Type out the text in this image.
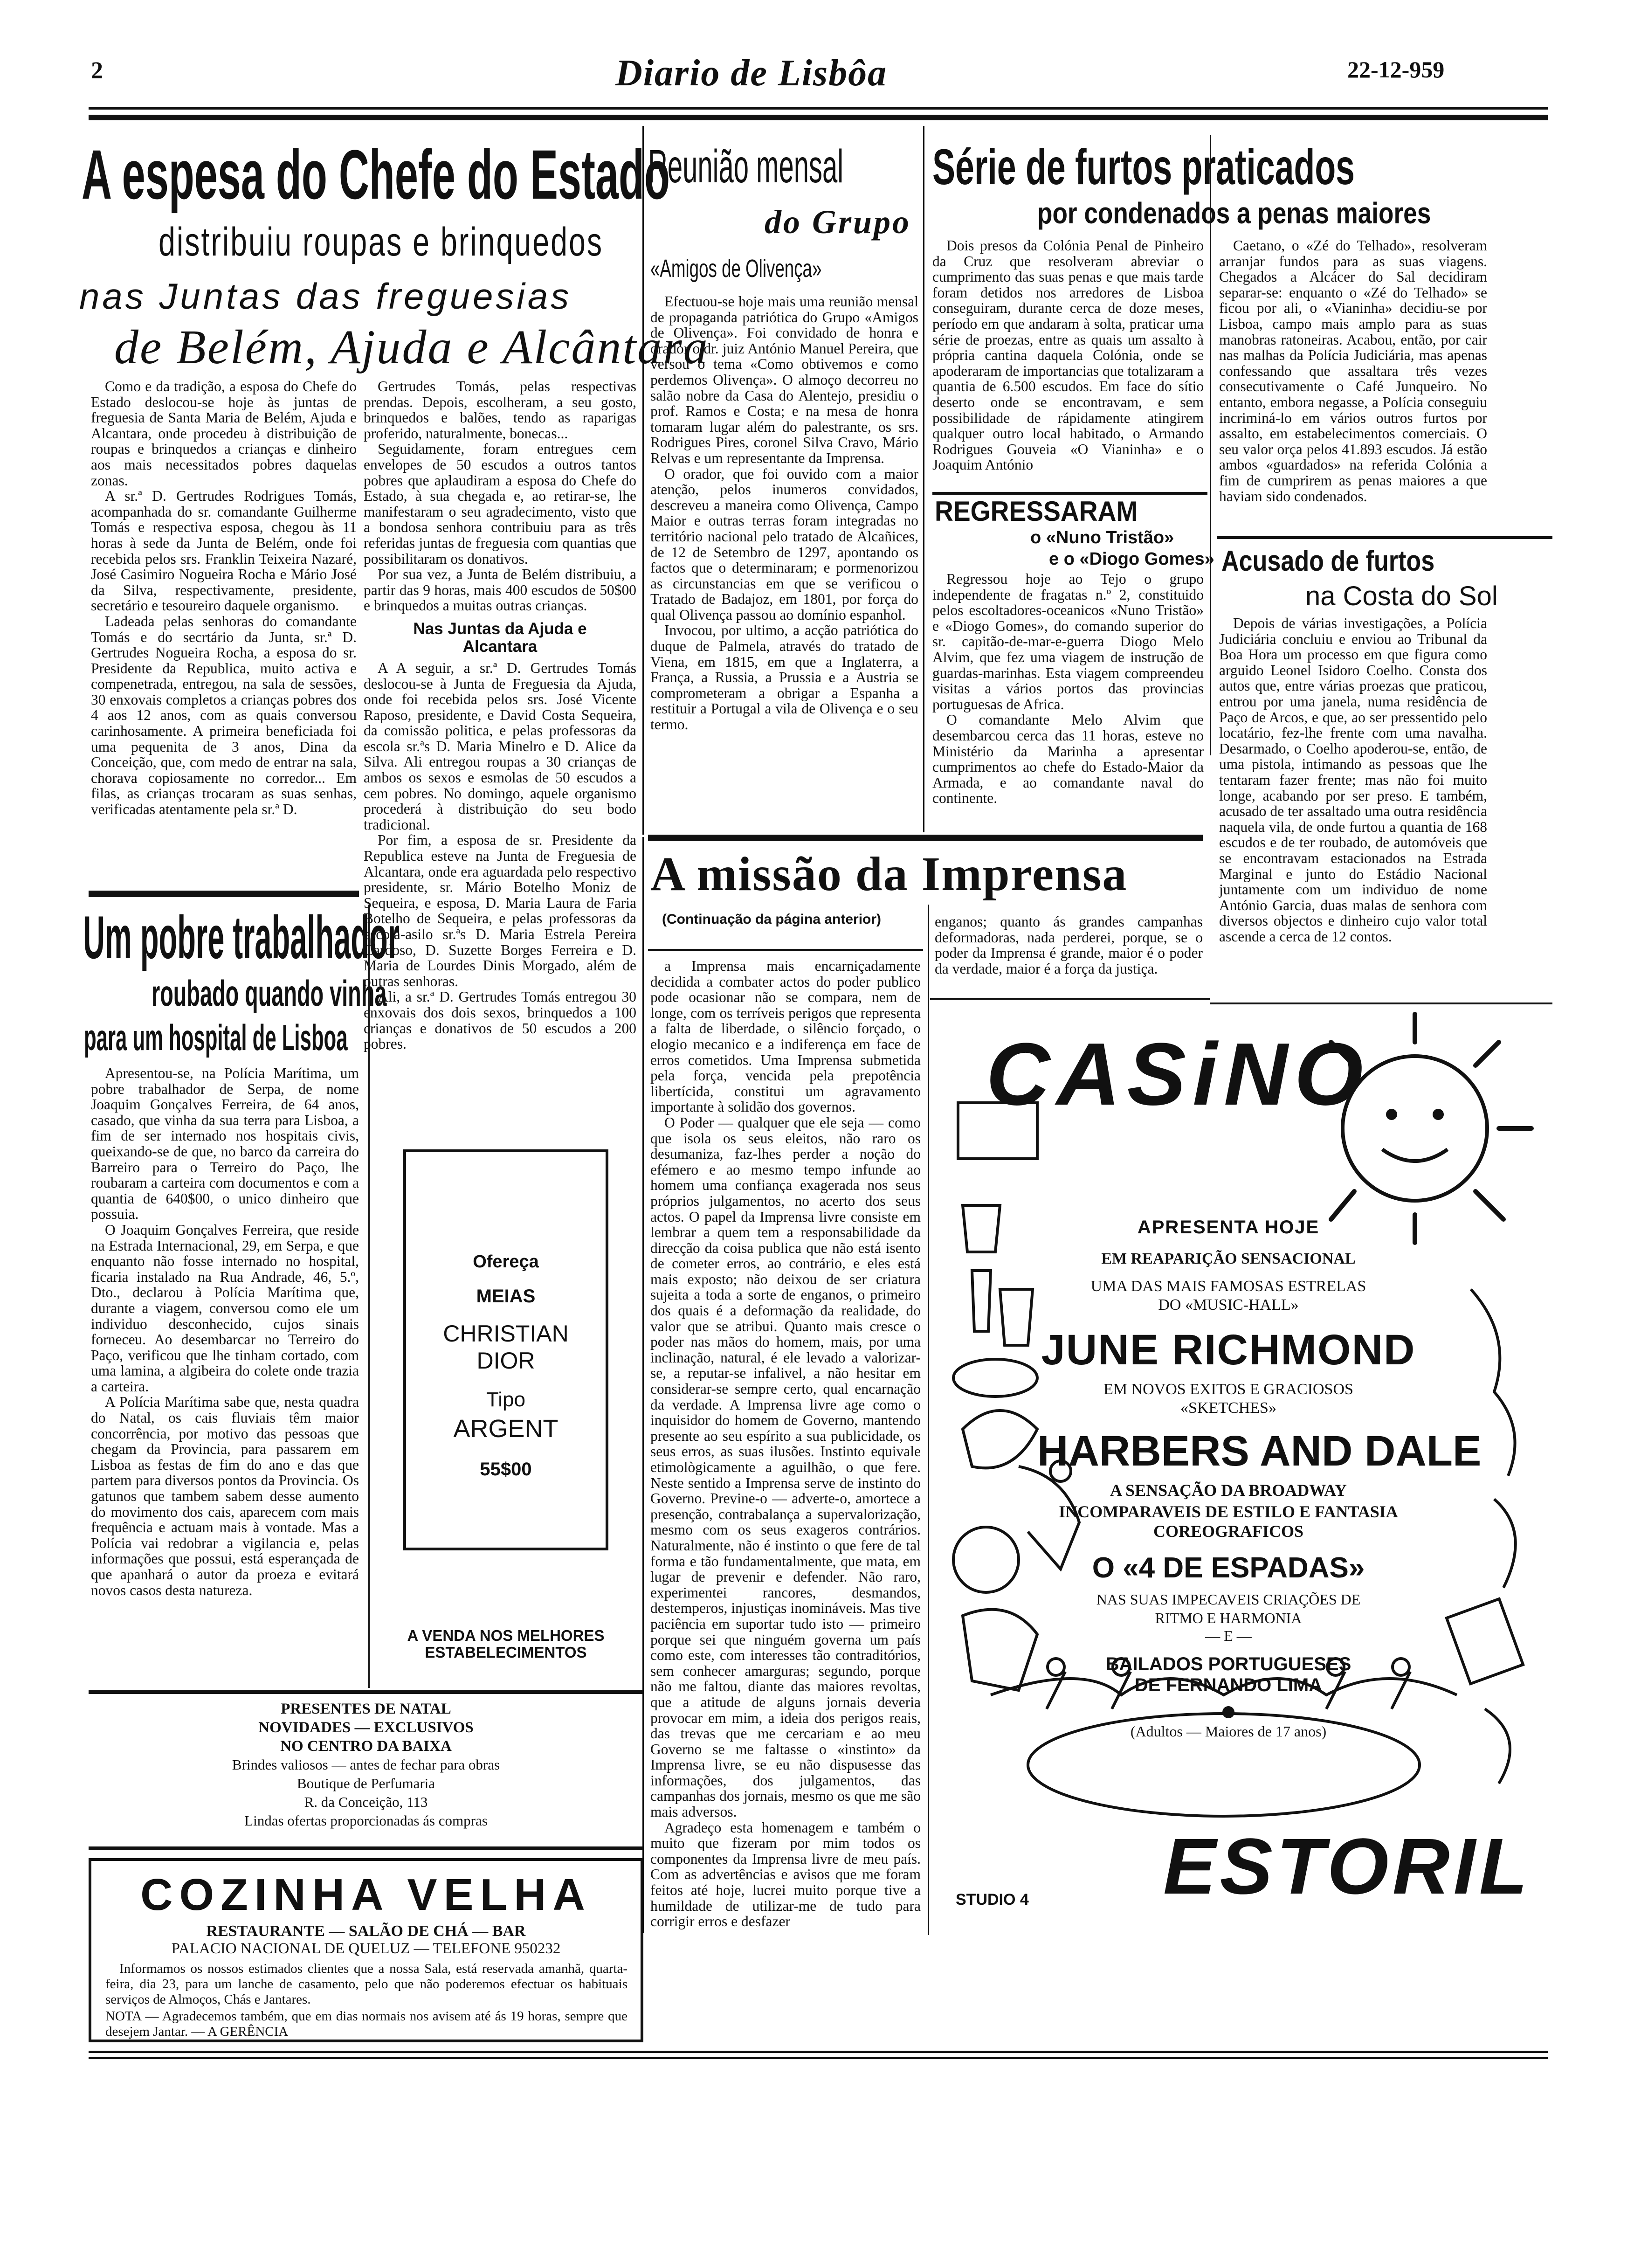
2	Diario de Lisbôa	22-12-959
A espesa do Chefe do Estado
distribuiu roupas e brinquedos
nas Juntas das freguesias
de Belém, Ajuda e Alcântara

Como e da tradição, a esposa do Chefe do Estado deslocou-se hoje às juntas de freguesia de Santa Maria de Belém, Ajuda e Alcantara, onde procedeu à distribuição de roupas e brinquedos a crianças e dinheiro aos mais necessitados pobres daquelas zonas.

A sr.ª D. Gertrudes Rodrigues Tomás, acompanhada do sr. comandante Guilherme Tomás e respectiva esposa, chegou às 11 horas à sede da Junta de Belém, onde foi recebida pelos srs. Franklin Teixeira Nazaré, José Casimiro Nogueira Rocha e Mário José da Silva, respectivamente, presidente, secretário e tesoureiro daquele organismo.

Ladeada pelas senhoras do comandante Tomás e do secrtário da Junta, sr.ª D. Gertrudes Nogueira Rocha, a esposa do sr. Presidente da Republica, muito activa e compenetrada, entregou, na sala de sessões, 30 enxovais completos a crianças pobres dos 4 aos 12 anos, com as quais conversou carinhosamente. A primeira beneficiada foi uma pequenita de 3 anos, Dina da Conceição, que, com medo de entrar na sala, chorava copiosamente no corredor... Em filas, as crianças trocaram as suas senhas, verificadas atentamente pela sr.ª D.

Gertrudes Tomás, pelas respectivas prendas. Depois, escolheram, a seu gosto, brinquedos e balões, tendo as raparigas proferido, naturalmente, bonecas...

Seguidamente, foram entregues cem envelopes de 50 escudos a outros tantos pobres que aplaudiram a esposa do Chefe do Estado, à sua chegada e, ao retirar-se, lhe manifestaram o seu agradecimento, visto que a bondosa senhora contribuiu para as três referidas juntas de freguesia com quantias que possibilitaram os donativos.

Por sua vez, a Junta de Belém distribuiu, a partir das 9 horas, mais 400 escudos de 50$00 e brinquedos a muitas outras crianças.

Nas Juntas da Ajuda e Alcantara

A A seguir, a sr.ª D. Gertrudes Tomás deslocou-se à Junta de Freguesia da Ajuda, onde foi recebida pelos srs. José Vicente Raposo, presidente, e David Costa Sequeira, da comissão politica, e pelas professoras da escola sr.ªs D. Maria Minelro e D. Alice da Silva. Ali entregou roupas a 30 crianças de ambos os sexos e esmolas de 50 escudos a cem pobres. No domingo, aquele organismo procederá à distribuição do seu bodo tradicional.

Por fim, a esposa de sr. Presidente da Republica esteve na Junta de Freguesia de Alcantara, onde era aguardada pelo respectivo presidente, sr. Mário Botelho Moniz de Sequeira, e esposa, D. Maria Laura de Faria Botelho de Sequeira, e pelas professoras da escola-asilo sr.ªs D. Maria Estrela Pereira Cardoso, D. Suzette Borges Ferreira e D. Maria de Lourdes Dinis Morgado, além de outras senhoras.

Ali, a sr.ª D. Gertrudes Tomás entregou 30 enxovais dos dois sexos, brinquedos a 100 crianças e donativos de 50 escudos a 200 pobres.

Um pobre trabalhador
roubado quando vinha
para um hospital de Lisboa

Apresentou-se, na Polícia Marítima, um pobre trabalhador de Serpa, de nome Joaquim Gonçalves Ferreira, de 64 anos, casado, que vinha da sua terra para Lisboa, a fim de ser internado nos hospitais civis, queixando-se de que, no barco da carreira do Barreiro para o Terreiro do Paço, lhe roubaram a carteira com documentos e com a quantia de 640$00, o unico dinheiro que possuia.

O Joaquim Gonçalves Ferreira, que reside na Estrada Internacional, 29, em Serpa, e que enquanto não fosse internado no hospital, ficaria instalado na Rua Andrade, 46, 5.º, Dto., declarou à Polícia Marítima que, durante a viagem, conversou como ele um individuo desconhecido, cujos sinais forneceu. Ao desembarcar no Terreiro do Paço, verificou que lhe tinham cortado, com uma lamina, a algibeira do colete onde trazia a carteira.

A Polícia Marítima sabe que, nesta quadra do Natal, os cais fluviais têm maior concorrência, por motivo das pessoas que chegam da Provincia, para passarem em Lisboa as festas de fim do ano e das que partem para diversos pontos da Provincia. Os gatunos que tambem sabem desse aumento do movimento dos cais, aparecem com mais frequência e actuam mais à vontade. Mas a Polícia vai redobrar a vigilancia e, pelas informações que possui, está esperançada de que apanhará o autor da proeza e evitará novos casos desta natureza.

Ofereça
MEIAS
CHRISTIAN
DIOR
Tipo
ARGENT
55$00
A VENDA NOS MELHORES
ESTABELECIMENTOS
PRESENTES DE NATAL
NOVIDADES — EXCLUSIVOS
NO CENTRO DA BAIXA
Brindes valiosos — antes de fechar para obras
Boutique de Perfumaria
R. da Conceição, 113
Lindas ofertas proporcionadas ás compras
COZINHA VELHA
RESTAURANTE — SALÃO DE CHÁ — BAR
PALACIO NACIONAL DE QUELUZ — TELEFONE 950232
Informamos os nossos estimados clientes que a nossa Sala, está reservada amanhã, quarta-feira, dia 23, para um lanche de casamento, pelo que não poderemos efectuar os habituais serviços de Almoços, Chás e Jantares.
NOTA — Agradecemos também, que em dias normais nos avisem até ás 19 horas, sempre que desejem Jantar. — A GERÊNCIA
Reunião mensal
do Grupo
«Amigos de Olivença»

Efectuou-se hoje mais uma reunião mensal de propaganda patriótica do Grupo «Amigos de Olivença». Foi convidado de honra e orador o dr. juiz António Manuel Pereira, que versou o tema «Como obtivemos e como perdemos Olivença». O almoço decorreu no salão nobre da Casa do Alentejo, presidiu o prof. Ramos e Costa; e na mesa de honra tomaram lugar além do palestrante, os srs. Rodrigues Pires, coronel Silva Cravo, Mário Relvas e um representante da Imprensa.

O orador, que foi ouvido com a maior atenção, pelos inumeros convidados, descreveu a maneira como Olivença, Campo Maior e outras terras foram integradas no território nacional pelo tratado de Alcañices, de 12 de Setembro de 1297, apontando os factos que o determinaram; e pormenorizou as circunstancias em que se verificou o Tratado de Badajoz, em 1801, por força do qual Olivença passou ao domínio espanhol.

Invocou, por ultimo, a acção patriótica do duque de Palmela, através do tratado de Viena, em 1815, em que a Inglaterra, a França, a Russia, a Prussia e a Austria se comprometeram a obrigar a Espanha a restituir a Portugal a vila de Olivença e o seu termo.

Série de furtos praticados
por condenados a penas maiores

Dois presos da Colónia Penal de Pinheiro da Cruz que resolveram abreviar o cumprimento das suas penas e que mais tarde foram detidos nos arredores de Lisboa conseguiram, durante cerca de doze meses, período em que andaram à solta, praticar uma série de proezas, entre as quais um assalto à própria cantina daquela Colónia, onde se apoderaram de importancias que totalizaram a quantia de 6.500 escudos. Em face do sítio deserto onde se encontravam, e sem possibilidade de rápidamente atingirem qualquer outro local habitado, o Armando Rodrigues Gouveia «O Vianinha» e o Joaquim António

Caetano, o «Zé do Telhado», resolveram arranjar fundos para as suas viagens. Chegados a Alcácer do Sal decidiram separar-se: enquanto o «Zé do Telhado» se ficou por ali, o «Vianinha» decidiu-se por Lisboa, campo mais amplo para as suas manobras ratoneiras. Acabou, então, por cair nas malhas da Polícia Judiciária, mas apenas confessando que assaltara três vezes consecutivamente o Café Junqueiro. No entanto, embora negasse, a Polícia conseguiu incriminá-lo em vários outros furtos por assalto, em estabelecimentos comerciais. O seu valor orça pelos 41.893 escudos. Já estão ambos «guardados» na referida Colónia a fim de cumprirem as penas maiores a que haviam sido condenados.

REGRESSARAM
o «Nuno Tristão»
e o «Diogo Gomes»

Regressou hoje ao Tejo o grupo independente de fragatas n.º 2, constituido pelos escoltadores-oceanicos «Nuno Tristão» e «Diogo Gomes», do comando superior do sr. capitão-de-mar-e-guerra Diogo Melo Alvim, que fez uma viagem de instrução de guardas-marinhas. Esta viagem compreendeu visitas a vários portos das provincias portuguesas de Africa.

O comandante Melo Alvim que desembarcou cerca das 11 horas, esteve no Ministério da Marinha a apresentar cumprimentos ao chefe do Estado-Maior da Armada, e ao comandante naval do continente.

Acusado de furtos
na Costa do Sol

Depois de várias investigações, a Polícia Judiciária concluiu e enviou ao Tribunal da Boa Hora um processo em que figura como arguido Leonel Isidoro Coelho. Consta dos autos que, entre várias proezas que praticou, entrou por uma janela, numa residência de Paço de Arcos, e que, ao ser pressentido pelo locatário, fez-lhe frente com uma navalha. Desarmado, o Coelho apoderou-se, então, de uma pistola, intimando as pessoas que lhe tentaram fazer frente; mas não foi muito longe, acabando por ser preso. E também, acusado de ter assaltado uma outra residência naquela vila, de onde furtou a quantia de 168 escudos e de ter roubado, de automóveis que se encontravam estacionados na Estrada Marginal e junto do Estádio Nacional juntamente com um individuo de nome António Garcia, duas malas de senhora com diversos objectos e dinheiro cujo valor total ascende a cerca de 12 contos.

A missão da Imprensa
(Continuação da página anterior)

a Imprensa mais encarniçadamente decidida a combater actos do poder publico pode ocasionar não se compara, nem de longe, com os terríveis perigos que representa a falta de liberdade, o silêncio forçado, o elogio mecanico e a indiferença em face de erros cometidos. Uma Imprensa submetida pela força, vencida pela prepotência libertícida, constitui um agravamento importante à solidão dos governos.

O Poder — qualquer que ele seja — como que isola os seus eleitos, não raro os desumaniza, faz-lhes perder a noção do efémero e ao mesmo tempo infunde ao homem uma confiança exagerada nos seus próprios julgamentos, no acerto dos seus actos. O papel da Imprensa livre consiste em lembrar a quem tem a responsabilidade da direcção da coisa publica que não está isento de cometer erros, ao contrário, e eles está mais exposto; não deixou de ser criatura sujeita a toda a sorte de enganos, o primeiro dos quais é a deformação da realidade, do valor que se atribui. Quanto mais cresce o poder nas mãos do homem, mais, por uma inclinação, natural, é ele levado a valorizar-se, a reputar-se infalivel, a não hesitar em considerar-se sempre certo, qual encarnação da verdade. A Imprensa livre age como o inquisidor do homem de Governo, mantendo presente ao seu espírito a sua publicidade, os seus erros, as suas ilusões. Instinto equivale etimològicamente a aguilhão, o que fere. Neste sentido a Imprensa serve de instinto do Governo. Previne-o — adverte-o, amortece a presenção, contrabalança a supervalorização, mesmo com os seus exageros contrários. Naturalmente, não é instinto o que fere de tal forma e tão fundamentalmente, que mata, em lugar de prevenir e defender. Não raro, experimentei rancores, desmandos, destemperos, injustiças inomináveis. Mas tive paciência em suportar tudo isto — primeiro porque sei que ninguém governa um país como este, com interesses tão contraditórios, sem conhecer amarguras; segundo, porque não me faltou, diante das maiores revoltas, que a atitude de alguns jornais deveria provocar em mim, a ideia dos perigos reais, das trevas que me cercariam e ao meu Governo se me faltasse o «instinto» da Imprensa livre, se eu não dispusesse das informações, dos julgamentos, das campanhas dos jornais, mesmo os que me são mais adversos.

Agradeço esta homenagem e também o muito que fizeram por mim todos os componentes da Imprensa livre de meu país. Com as advertências e avisos que me foram feitos até hoje, lucrei muito porque tive a humildade de utilizar-me de tudo para corrigir erros e desfazer

enganos; quanto ás grandes campanhas deformadoras, nada perderei, porque, se o poder da Imprensa é grande, maior é o poder da verdade, maior é a força da justiça.

CASiNO
APRESENTA HOJE
EM REAPARIÇÃO SENSACIONAL
UMA DAS MAIS FAMOSAS ESTRELAS DO «MUSIC-HALL»
JUNE RICHMOND
EM NOVOS EXITOS E GRACIOSOS «SKETCHES»
HARBERS AND DALE
A SENSAÇÃO DA BROADWAY
INCOMPARAVEIS DE ESTILO E FANTASIA COREOGRAFICOS
O «4 DE ESPADAS»
NAS SUAS IMPECAVEIS CRIAÇÕES DE RITMO E HARMONIA
— E —
BAILADOS PORTUGUESES
DE FERNANDO LIMA
(Adultos — Maiores de 17 anos)
ESTORIL
STUDIO 4
